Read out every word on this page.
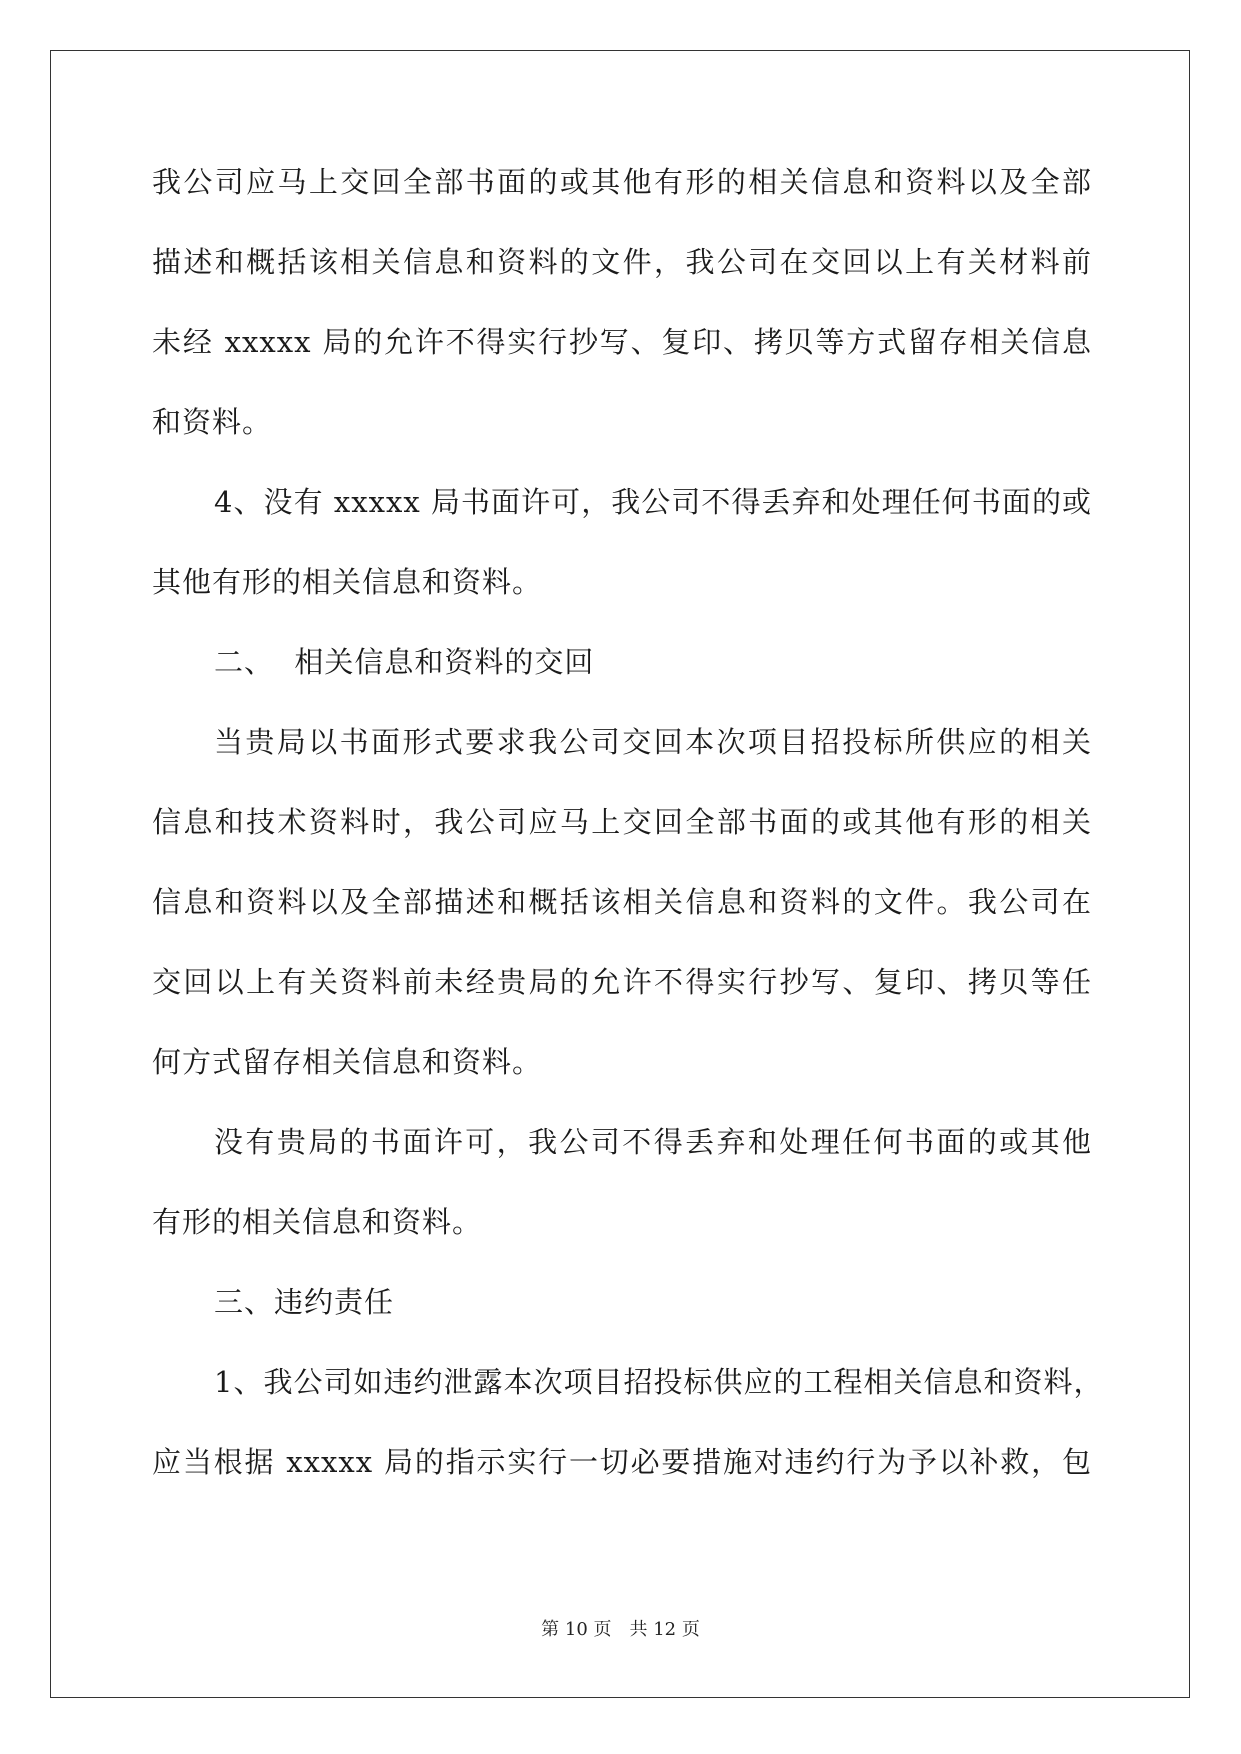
我公司应马上交回全部书面的或其他有形的相关信息和资料以及全部
描述和概括该相关信息和资料的文件，我公司在交回以上有关材料前
未经 xxxxx 局的允许不得实行抄写、复印、拷贝等方式留存相关信息
和资料。
4、没有 xxxxx 局书面许可，我公司不得丢弃和处理任何书面的或
其他有形的相关信息和资料。
二、  相关信息和资料的交回
当贵局以书面形式要求我公司交回本次项目招投标所供应的相关
信息和技术资料时，我公司应马上交回全部书面的或其他有形的相关
信息和资料以及全部描述和概括该相关信息和资料的文件。我公司在
交回以上有关资料前未经贵局的允许不得实行抄写、复印、拷贝等任
何方式留存相关信息和资料。
没有贵局的书面许可，我公司不得丢弃和处理任何书面的或其他
有形的相关信息和资料。
三、违约责任
1、我公司如违约泄露本次项目招投标供应的工程相关信息和资料，
应当根据 xxxxx 局的指示实行一切必要措施对违约行为予以补救，包
第 10 页 共 12 页
